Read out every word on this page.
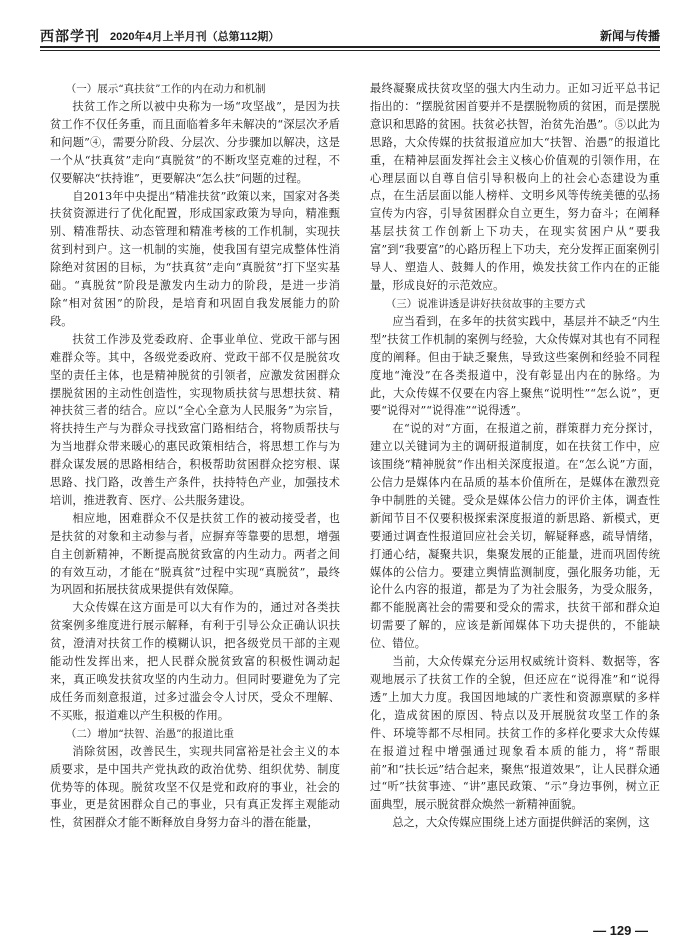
西部学刊 2020年4月上半月刊（总第112期）	新闻与传播
（一）展示“真扶贫”工作的内在动力和机制

扶贫工作之所以被中央称为一场“攻坚战”，是因为扶贫工作不仅任务重，而且面临着多年未解决的“深层次矛盾和问题”④，需要分阶段、分层次、分步骤加以解决，这是一个从“扶真贫”走向“真脱贫”的不断攻坚克难的过程，不仅要解决“扶持谁”，更要解决“怎么扶”问题的过程。

自2013年中央提出“精准扶贫”政策以来，国家对各类扶贫资源进行了优化配置，形成国家政策为导向，精准甄别、精准帮扶、动态管理和精准考核的工作机制，实现扶贫到村到户。这一机制的实施，使我国有望完成整体性消除绝对贫困的目标，为“扶真贫”走向“真脱贫”打下坚实基础。“真脱贫”阶段是激发内生动力的阶段，是进一步消除“相对贫困”的阶段，是培育和巩固自我发展能力的阶段。

扶贫工作涉及党委政府、企事业单位、党政干部与困难群众等。其中，各级党委政府、党政干部不仅是脱贫攻坚的责任主体，也是精神脱贫的引领者，应激发贫困群众摆脱贫困的主动性创造性，实现物质扶贫与思想扶贫、精神扶贫三者的结合。应以“全心全意为人民服务”为宗旨，将扶持生产与为群众寻找致富门路相结合，将物质帮扶与为当地群众带来暖心的惠民政策相结合，将思想工作与为群众谋发展的思路相结合，积极帮助贫困群众挖穷根、谋思路、找门路，改善生产条件，扶持特色产业，加强技术培训，推进教育、医疗、公共服务建设。

相应地，困难群众不仅是扶贫工作的被动接受者，也是扶贫的对象和主动参与者，应摒弃等靠要的思想，增强自主创新精神，不断提高脱贫致富的内生动力。两者之间的有效互动，才能在“脱真贫”过程中实现“真脱贫”，最终为巩固和拓展扶贫成果提供有效保障。

大众传媒在这方面是可以大有作为的，通过对各类扶贫案例多维度进行展示解释，有利于引导公众正确认识扶贫，澄清对扶贫工作的模糊认识，把各级党员干部的主观能动性发挥出来，把人民群众脱贫致富的积极性调动起来，真正唤发扶贫攻坚的内生动力。但同时要避免为了完成任务而刻意报道，过多过滥会令人讨厌，受众不理解、不买账，报道难以产生积极的作用。

（二）增加“扶智、治愚”的报道比重

消除贫困，改善民生，实现共同富裕是社会主义的本质要求，是中国共产党执政的政治优势、组织优势、制度优势等的体现。脱贫攻坚不仅是党和政府的事业，社会的事业，更是贫困群众自己的事业，只有真正发挥主观能动性，贫困群众才能不断释放自身努力奋斗的潜在能量，

最终凝聚成扶贫攻坚的强大内生动力。正如习近平总书记指出的：“摆脱贫困首要并不是摆脱物质的贫困，而是摆脱意识和思路的贫困。扶贫必扶智，治贫先治愚”。⑤以此为思路，大众传媒的扶贫报道应加大“扶智、治愚”的报道比重，在精神层面发挥社会主义核心价值观的引领作用，在心理层面以自尊自信引导积极向上的社会心态建设为重点，在生活层面以能人榜样、文明乡风等传统美德的弘扬宣传为内容，引导贫困群众自立更生，努力奋斗；在阐释基层扶贫工作创新上下功夫，在现实贫困户从“要我富”到“我要富”的心路历程上下功夫，充分发挥正面案例引导人、塑造人、鼓舞人的作用，焕发扶贫工作内在的正能量，形成良好的示范效应。

（三）说准讲透是讲好扶贫故事的主要方式

应当看到，在多年的扶贫实践中，基层并不缺乏“内生型”扶贫工作机制的案例与经验，大众传媒对其也有不同程度的阐释。但由于缺乏聚焦，导致这些案例和经验不同程度地“淹没”在各类报道中，没有彰显出内在的脉络。为此，大众传媒不仅要在内容上聚焦“说明性”“怎么说”，更要“说得对”“说得准”“说得透”。

在“说的对”方面，在报道之前，群策群力充分探讨，建立以关键词为主的调研报道制度，如在扶贫工作中，应该围绕“精神脱贫”作出相关深度报道。在“怎么说”方面，公信力是媒体内在品质的基本价值所在，是媒体在激烈竞争中制胜的关键。受众是媒体公信力的评价主体，调查性新闻节目不仅要积极探索深度报道的新思路、新模式，更要通过调查性报道回应社会关切，解疑释惑，疏导情绪，打通心结，凝聚共识，集聚发展的正能量，进而巩固传统媒体的公信力。要建立舆情监测制度，强化服务功能，无论什么内容的报道，都是为了为社会服务，为受众服务，都不能脱离社会的需要和受众的需求，扶贫干部和群众迫切需要了解的，应该是新闻媒体下功夫提供的，不能缺位、错位。

当前，大众传媒充分运用权威统计资料、数据等，客观地展示了扶贫工作的全貌，但还应在“说得准”和“说得透”上加大力度。我国因地域的广袤性和资源禀赋的多样化，造成贫困的原因、特点以及开展脱贫攻坚工作的条件、环境等都不尽相同。扶贫工作的多样化要求大众传媒在报道过程中增强通过现象看本质的能力，将“帮眼前”和“扶长远”结合起来，聚焦“报道效果”，让人民群众通过“听”扶贫事迹、“讲”惠民政策、“示”身边事例，树立正面典型，展示脱贫群众焕然一新精神面貌。

总之，大众传媒应围绕上述方面提供鲜活的案例，这

— 129 —
